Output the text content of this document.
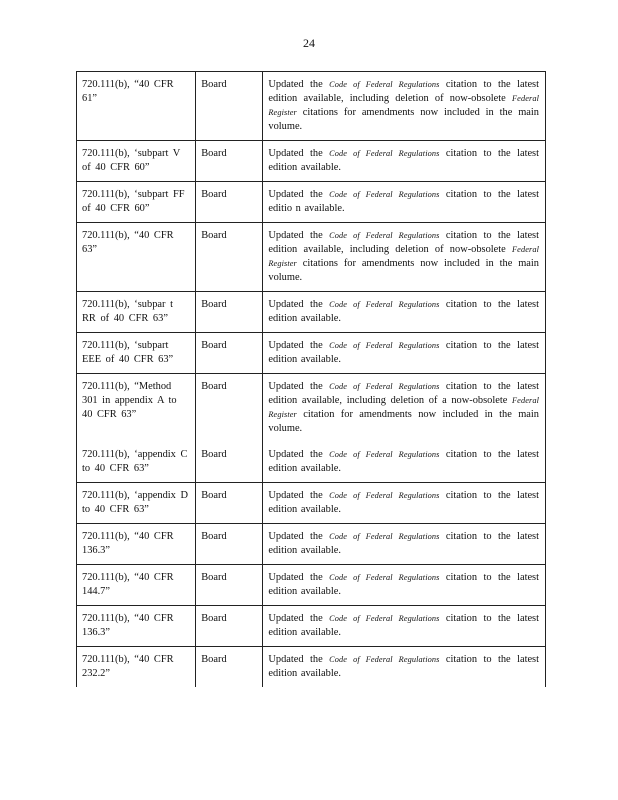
24
720.111(b), “40 CFR 61”	Board	Updated the Code of Federal Regulations citation to the latest edition available, including deletion of now-obsolete Federal Register citations for amendments now included in the main volume.
720.111(b), ‘subpart V of 40 CFR 60”	Board	Updated the Code of Federal Regulations citation to the latest edition available.
720.111(b), ‘subpart FF of 40 CFR 60”	Board	Updated the Code of Federal Regulations citation to the latest editio n available.
720.111(b), “40 CFR 63”	Board	Updated the Code of Federal Regulations citation to the latest edition available, including deletion of now-obsolete Federal Register citations for amendments now included in the main volume.
720.111(b), ‘subpar t RR of 40 CFR 63”	Board	Updated the Code of Federal Regulations citation to the latest edition available.
720.111(b), ‘subpart EEE of 40 CFR 63”	Board	Updated the Code of Federal Regulations citation to the latest edition available.
720.111(b), “Method 301 in appendix A to 40 CFR 63”	Board	Updated the Code of Federal Regulations citation to the latest edition available, including deletion of a now-obsolete Federal Register citation for amendments now included in the main volume.
720.111(b), ‘appendix C to 40 CFR 63”	Board	Updated the Code of Federal Regulations citation to the latest edition available.
720.111(b), ‘appendix D to 40 CFR 63”	Board	Updated the Code of Federal Regulations citation to the latest edition available.
720.111(b), “40 CFR 136.3”	Board	Updated the Code of Federal Regulations citation to the latest edition available.
720.111(b), “40 CFR 144.7”	Board	Updated the Code of Federal Regulations citation to the latest edition available.
720.111(b), “40 CFR 136.3”	Board	Updated the Code of Federal Regulations citation to the latest edition available.
720.111(b), “40 CFR 232.2”	Board	Updated the Code of Federal Regulations citation to the latest edition available.
